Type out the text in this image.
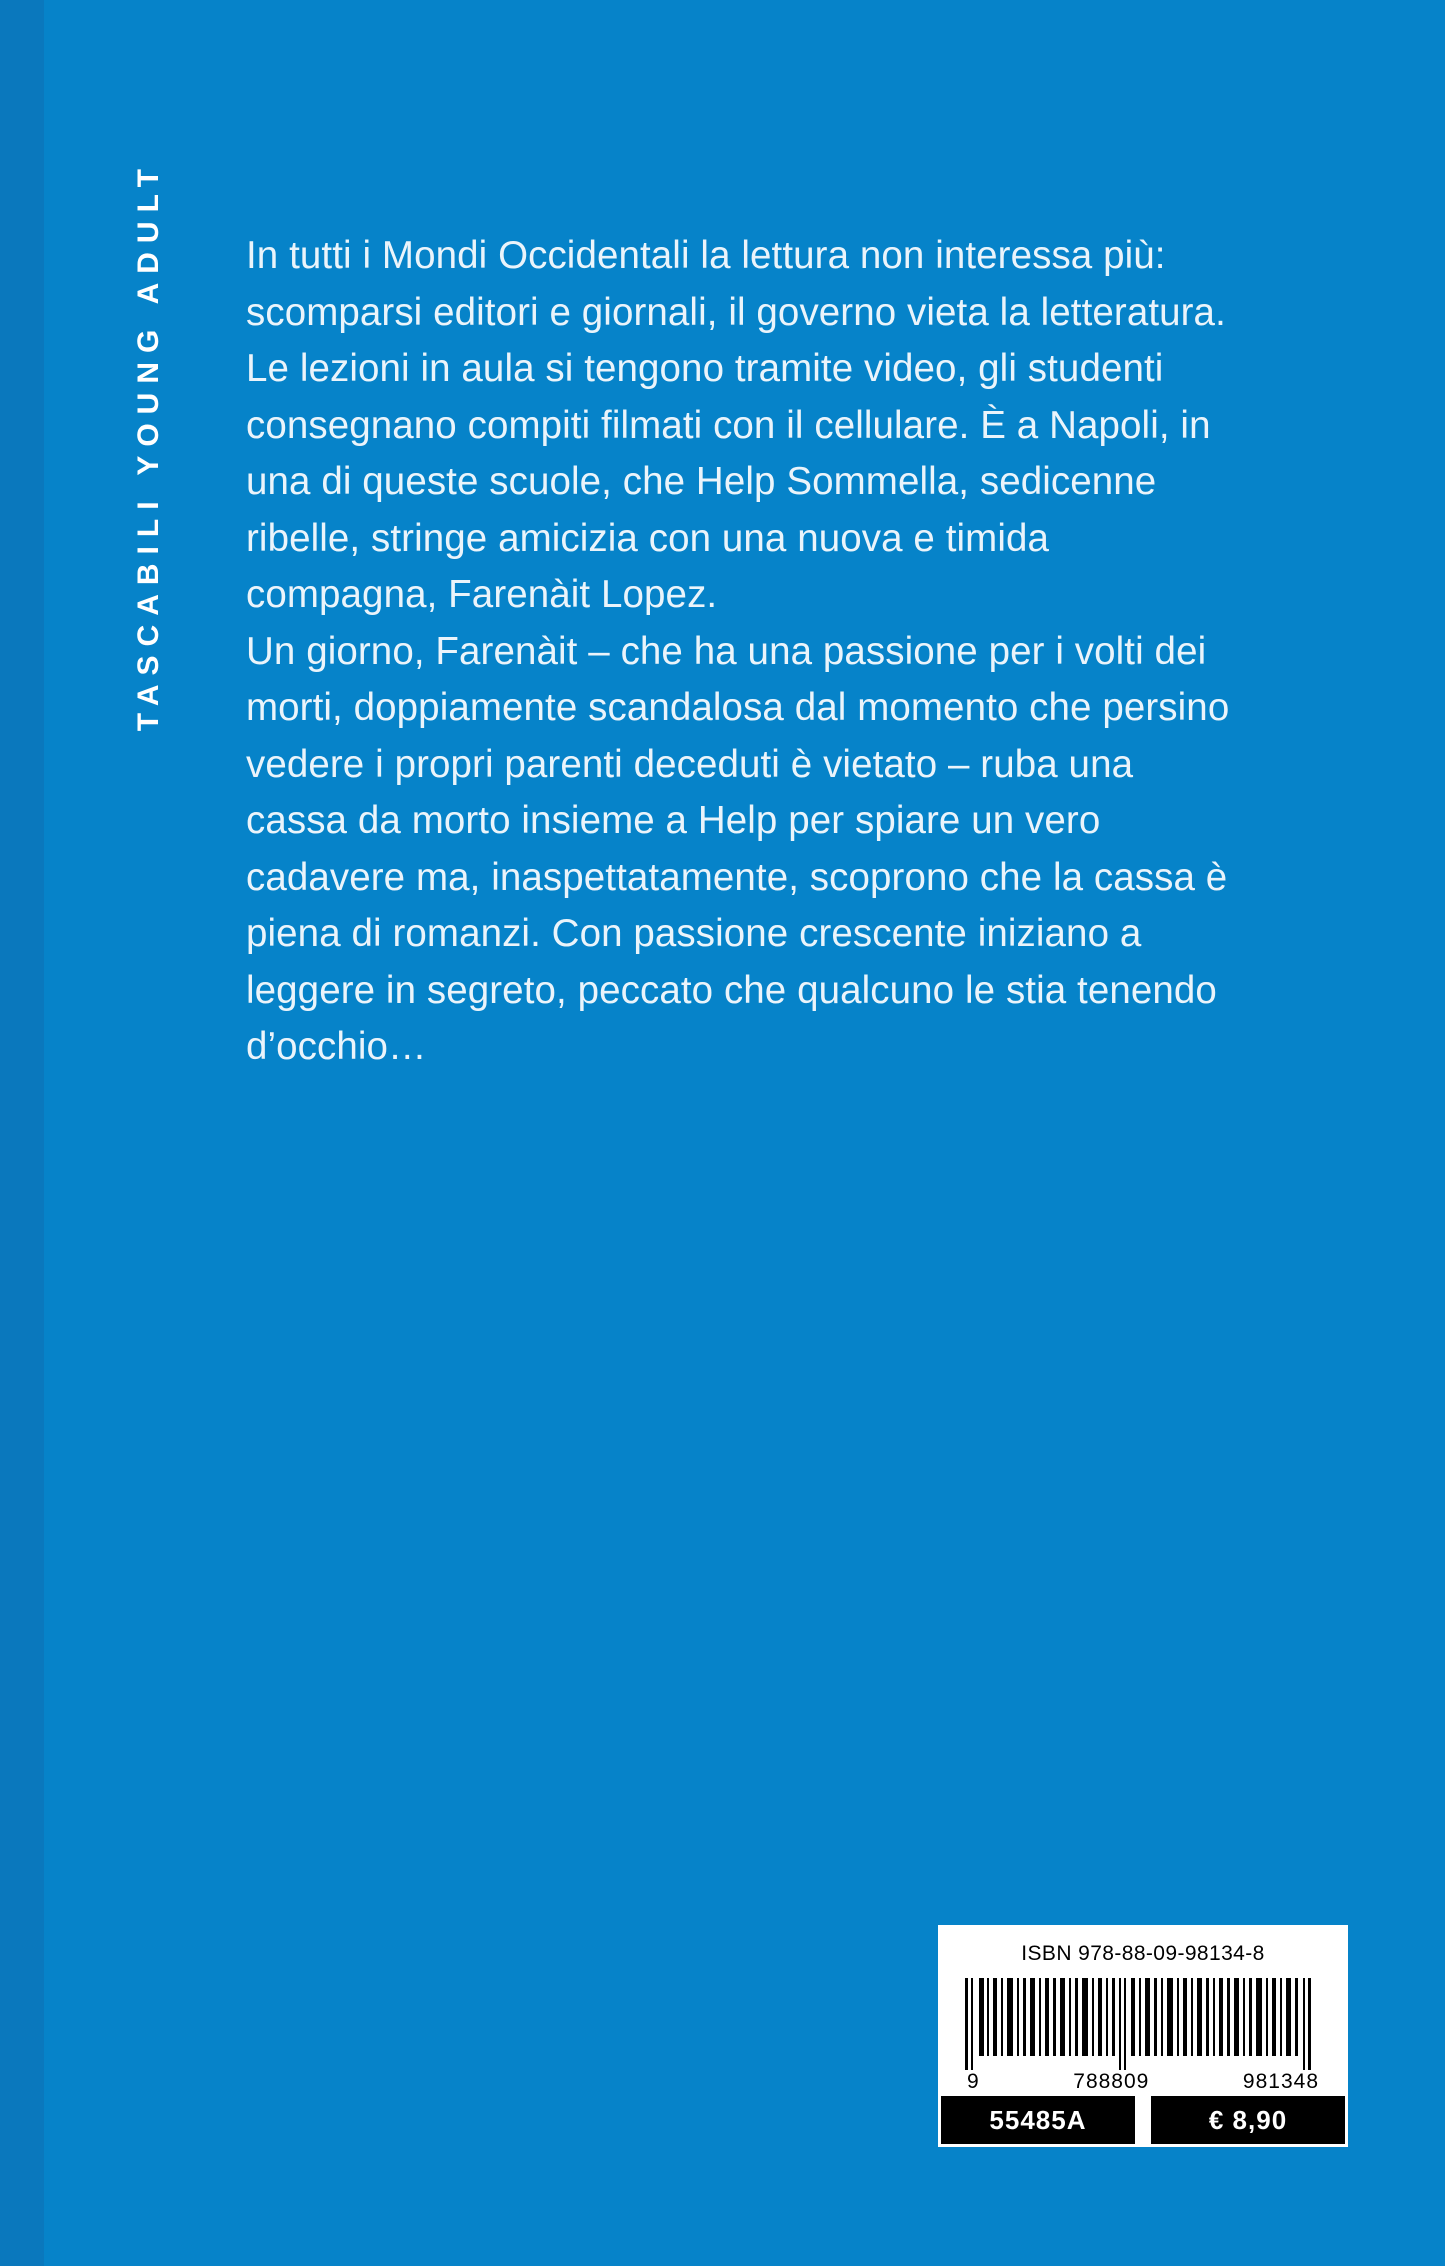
TASCABILI YOUNG ADULT In tutti i Mondi Occidentali la lettura non interessa più: scomparsi editori e giornali, il governo vieta la letteratura. Le lezioni in aula si tengono tramite video, gli studenti consegnano compiti filmati con il cellulare. È a Napoli, in una di queste scuole, che Help Sommella, sedicenne ribelle, stringe amicizia con una nuova e timida compagna, Farenàit Lopez.

Un giorno, Farenàit – che ha una passione per i volti dei morti, doppiamente scandalosa dal momento che persino vedere i propri parenti deceduti è vietato – ruba una cassa da morto insieme a Help per spiare un vero cadavere ma, inaspettatamente, scoprono che la cassa è piena di romanzi. Con passione crescente iniziano a leggere in segreto, peccato che qualcuno le stia tenendo d’occhio…

ISBN 978-88-09-98134-8
9	788809	981348
55485A	€ 8,90
